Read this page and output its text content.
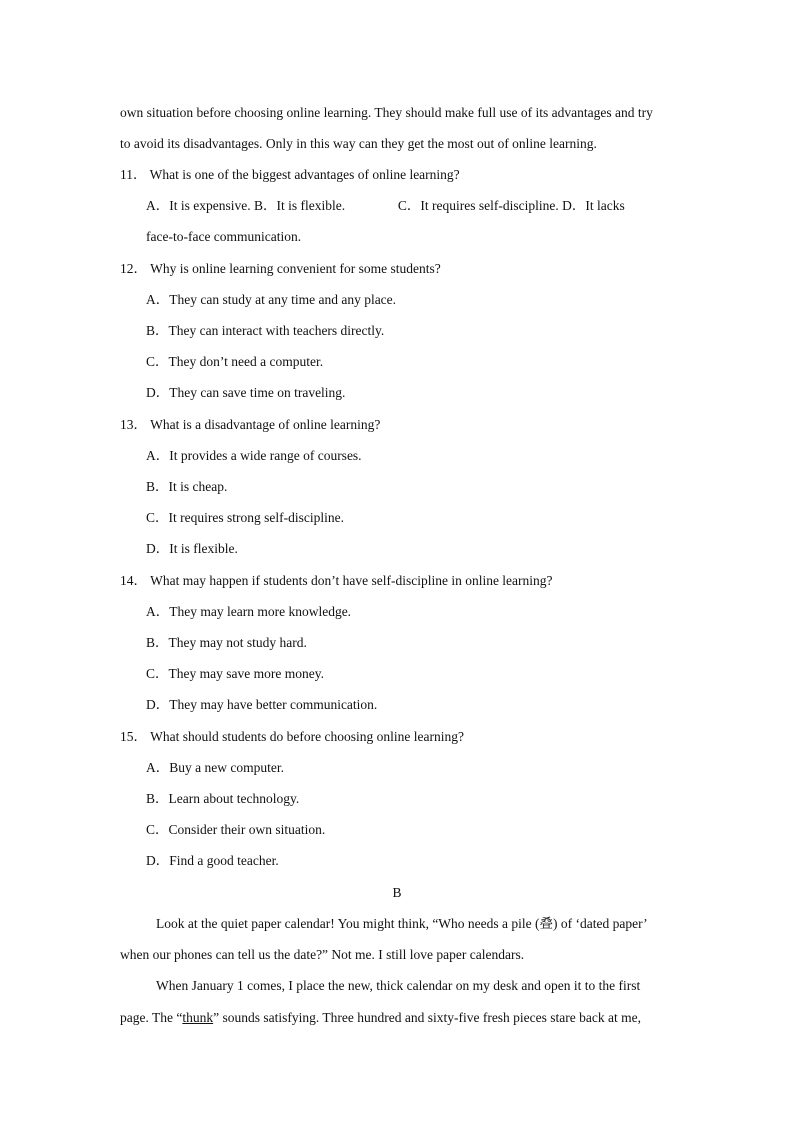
own situation before choosing online learning. They should make full use of its advantages and try
to avoid its disadvantages. Only in this way can they get the most out of online learning.
11． What is one of the biggest advantages of online learning?
A．It is expensive. B．It is flexible.	C．It requires self-discipline. D．It lacks
face-to-face communication.
12． Why is online learning convenient for some students?
A．They can study at any time and any place.
B．They can interact with teachers directly.
C．They don’t need a computer.
D．They can save time on traveling.
13． What is a disadvantage of online learning?
A．It provides a wide range of courses.
B．It is cheap.
C．It requires strong self-discipline.
D．It is flexible.
14． What may happen if students don’t have self-discipline in online learning?
A．They may learn more knowledge.
B．They may not study hard.
C．They may save more money.
D．They may have better communication.
15． What should students do before choosing online learning?
A．Buy a new computer.
B．Learn about technology.
C．Consider their own situation.
D．Find a good teacher.
B
Look at the quiet paper calendar! You might think, “Who needs a pile (叠) of ‘dated paper’
when our phones can tell us the date?” Not me. I still love paper calendars.
When January 1 comes, I place the new, thick calendar on my desk and open it to the first
page. The “thunk” sounds satisfying. Three hundred and sixty-five fresh pieces stare back at me,
